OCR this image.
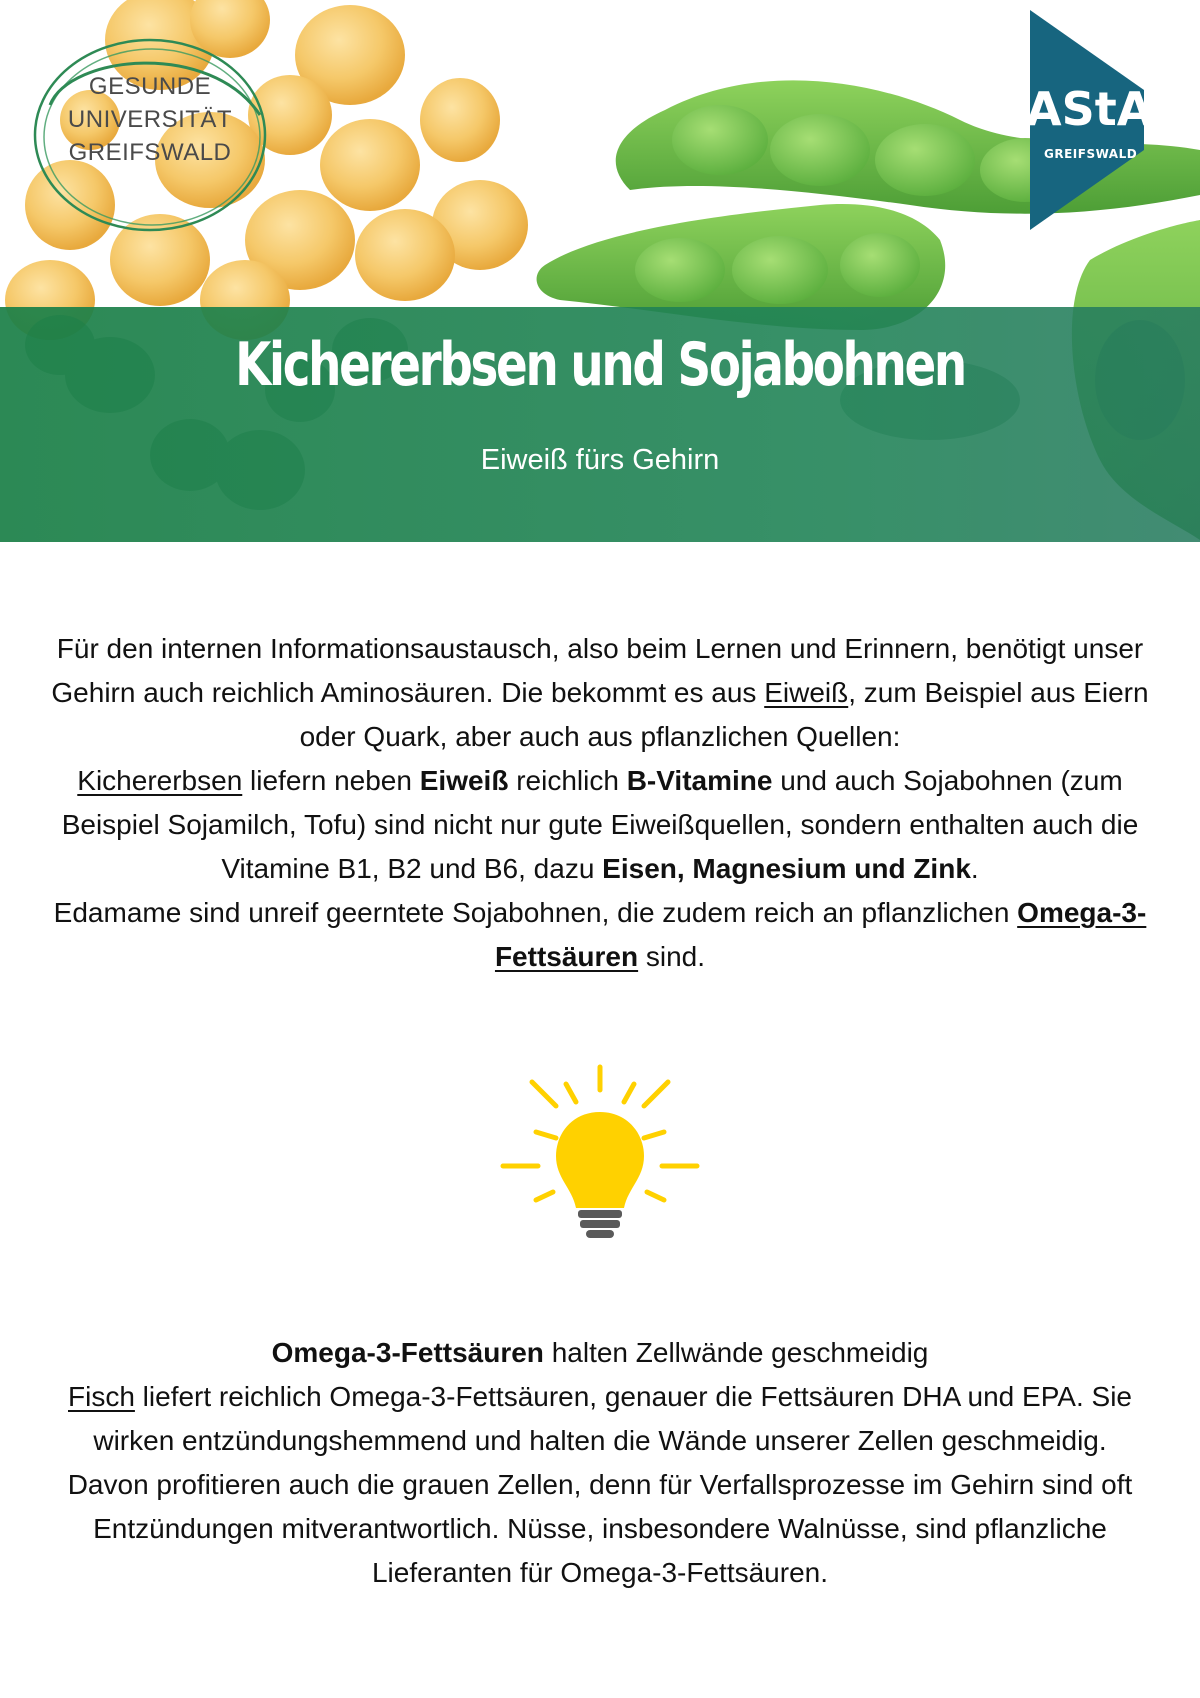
Kichererbsen und Sojabohnen
Eiweiß fürs Gehirn
GESUNDE
UNIVERSITÄT
GREIFSWALD
AStA
GREIFSWALD
Für den internen Informationsaustausch, also beim Lernen und Erinnern, benötigt unser Gehirn auch reichlich Aminosäuren. Die bekommt es aus Eiweiß, zum Beispiel aus Eiern oder Quark, aber auch aus pflanzlichen Quellen:
Kichererbsen liefern neben Eiweiß reichlich B-Vitamine und auch Sojabohnen (zum Beispiel Sojamilch, Tofu) sind nicht nur gute Eiweißquellen, sondern enthalten auch die Vitamine B1, B2 und B6, dazu Eisen, Magnesium und Zink.
Edamame sind unreif geerntete Sojabohnen, die zudem reich an pflanzlichen Omega-3-Fettsäuren sind.
Omega-3-Fettsäuren halten Zellwände geschmeidig
Fisch liefert reichlich Omega-3-Fettsäuren, genauer die Fettsäuren DHA und EPA. Sie wirken entzündungshemmend und halten die Wände unserer Zellen geschmeidig. Davon profitieren auch die grauen Zellen, denn für Verfallsprozesse im Gehirn sind oft Entzündungen mitverantwortlich. Nüsse, insbesondere Walnüsse, sind pflanzliche Lieferanten für Omega-3-Fettsäuren.
